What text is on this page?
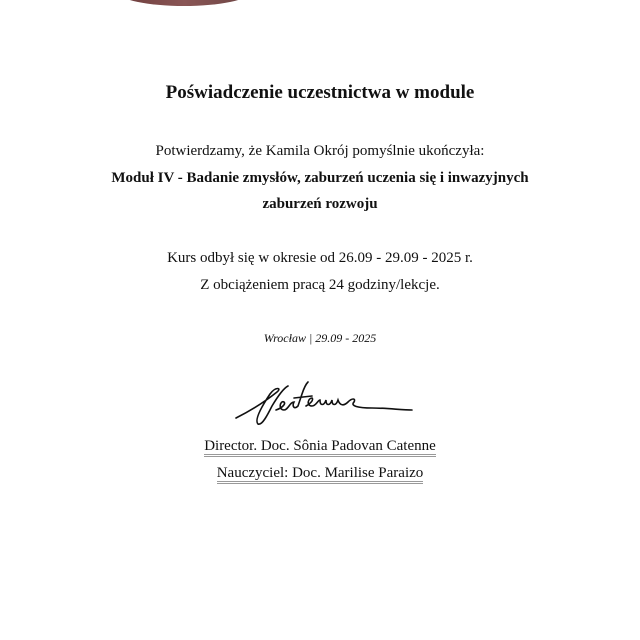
Poświadczenie uczestnictwa w module
Potwierdzamy, że Kamila Okrój pomyślnie ukończyła:
Moduł IV - Badanie zmysłów, zaburzeń uczenia się i inwazyjnych
zaburzeń rozwoju
Kurs odbył się w okresie od 26.09 - 29.09 - 2025 r.
Z obciążeniem pracą 24 godziny/lekcje.
Wrocław | 29.09 - 2025
Director. Doc. Sônia Padovan Catenne
Nauczyciel: Doc. Marilise Paraizo
